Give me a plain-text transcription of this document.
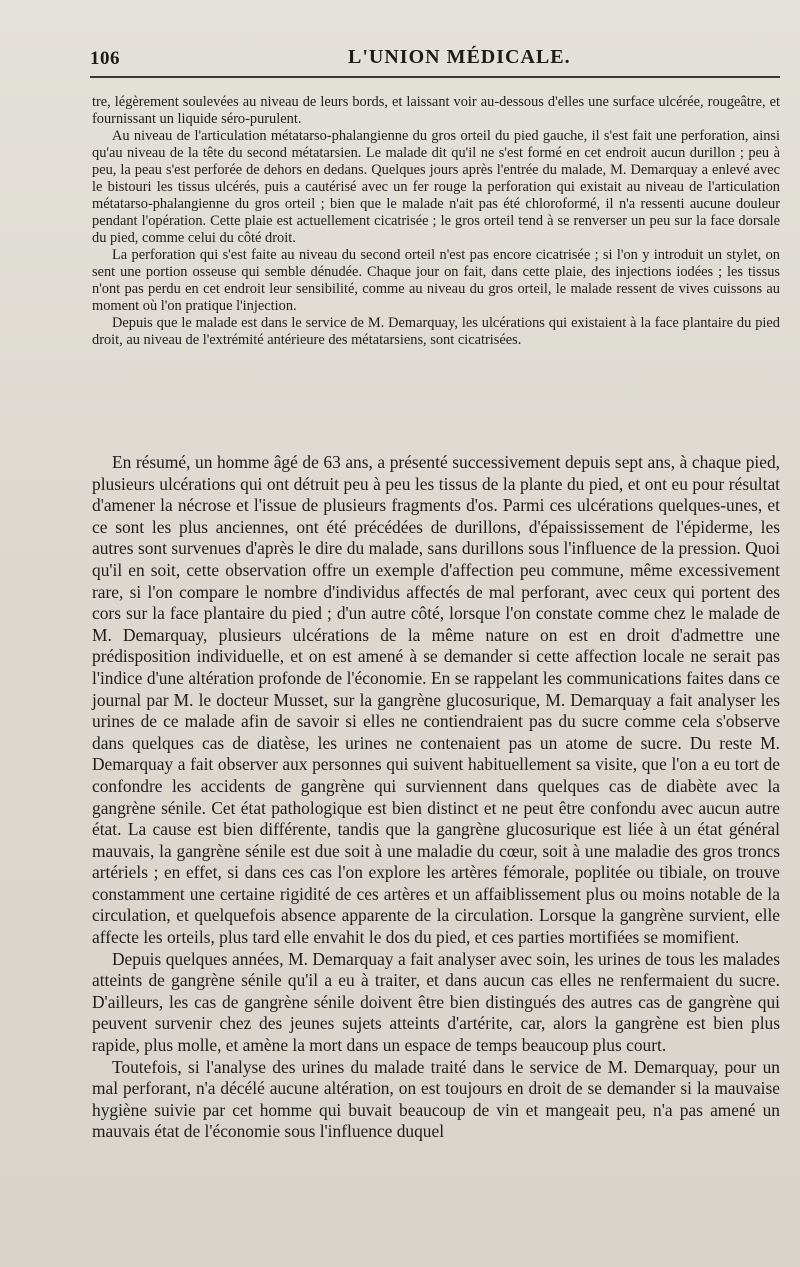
106	L'UNION MÉDICALE.

tre, légèrement soulevées au niveau de leurs bords, et laissant voir au-dessous d'elles une surface ulcérée, rougeâtre, et fournissant un liquide séro-purulent.

Au niveau de l'articulation métatarso-phalangienne du gros orteil du pied gauche, il s'est fait une perforation, ainsi qu'au niveau de la tête du second métatarsien. Le malade dit qu'il ne s'est formé en cet endroit aucun durillon ; peu à peu, la peau s'est perforée de dehors en dedans. Quelques jours après l'entrée du malade, M. Demarquay a enlevé avec le bistouri les tissus ulcérés, puis a cautérisé avec un fer rouge la perforation qui existait au niveau de l'articulation métatarso-phalangienne du gros orteil ; bien que le malade n'ait pas été chloroformé, il n'a ressenti aucune douleur pendant l'opération. Cette plaie est actuellement cicatrisée ; le gros orteil tend à se renverser un peu sur la face dorsale du pied, comme celui du côté droit.

La perforation qui s'est faite au niveau du second orteil n'est pas encore cicatrisée ; si l'on y introduit un stylet, on sent une portion osseuse qui semble dénudée. Chaque jour on fait, dans cette plaie, des injections iodées ; les tissus n'ont pas perdu en cet endroit leur sensibilité, comme au niveau du gros orteil, le malade ressent de vives cuissons au moment où l'on pratique l'injection.

Depuis que le malade est dans le service de M. Demarquay, les ulcérations qui existaient à la face plantaire du pied droit, au niveau de l'extrémité antérieure des métatarsiens, sont cicatrisées.

En résumé, un homme âgé de 63 ans, a présenté successivement depuis sept ans, à chaque pied, plusieurs ulcérations qui ont détruit peu à peu les tissus de la plante du pied, et ont eu pour résultat d'amener la nécrose et l'issue de plusieurs fragments d'os. Parmi ces ulcérations quelques-unes, et ce sont les plus anciennes, ont été précédées de durillons, d'épaississement de l'épiderme, les autres sont survenues d'après le dire du malade, sans durillons sous l'influence de la pression. Quoi qu'il en soit, cette observation offre un exemple d'affection peu commune, même excessivement rare, si l'on compare le nombre d'individus affectés de mal perforant, avec ceux qui portent des cors sur la face plantaire du pied ; d'un autre côté, lorsque l'on constate comme chez le malade de M. Demarquay, plusieurs ulcérations de la même nature on est en droit d'admettre une prédisposition individuelle, et on est amené à se demander si cette affection locale ne serait pas l'indice d'une altération profonde de l'économie. En se rappelant les communications faites dans ce journal par M. le docteur Musset, sur la gangrène glucosurique, M. Demarquay a fait analyser les urines de ce malade afin de savoir si elles ne contiendraient pas du sucre comme cela s'observe dans quelques cas de diatèse, les urines ne contenaient pas un atome de sucre. Du reste M. Demarquay a fait observer aux personnes qui suivent habituellement sa visite, que l'on a eu tort de confondre les accidents de gangrène qui surviennent dans quelques cas de diabète avec la gangrène sénile. Cet état pathologique est bien distinct et ne peut être confondu avec aucun autre état. La cause est bien différente, tandis que la gangrène glucosurique est liée à un état général mauvais, la gangrène sénile est due soit à une maladie du cœur, soit à une maladie des gros troncs artériels ; en effet, si dans ces cas l'on explore les artères fémorale, poplitée ou tibiale, on trouve constamment une certaine rigidité de ces artères et un affaiblissement plus ou moins notable de la circulation, et quelquefois absence apparente de la circulation. Lorsque la gangrène survient, elle affecte les orteils, plus tard elle envahit le dos du pied, et ces parties mortifiées se momifient.

Depuis quelques années, M. Demarquay a fait analyser avec soin, les urines de tous les malades atteints de gangrène sénile qu'il a eu à traiter, et dans aucun cas elles ne renfermaient du sucre. D'ailleurs, les cas de gangrène sénile doivent être bien distingués des autres cas de gangrène qui peuvent survenir chez des jeunes sujets atteints d'artérite, car, alors la gangrène est bien plus rapide, plus molle, et amène la mort dans un espace de temps beaucoup plus court.

Toutefois, si l'analyse des urines du malade traité dans le service de M. Demarquay, pour un mal perforant, n'a décélé aucune altération, on est toujours en droit de se demander si la mauvaise hygiène suivie par cet homme qui buvait beaucoup de vin et mangeait peu, n'a pas amené un mauvais état de l'économie sous l'influence duquel
